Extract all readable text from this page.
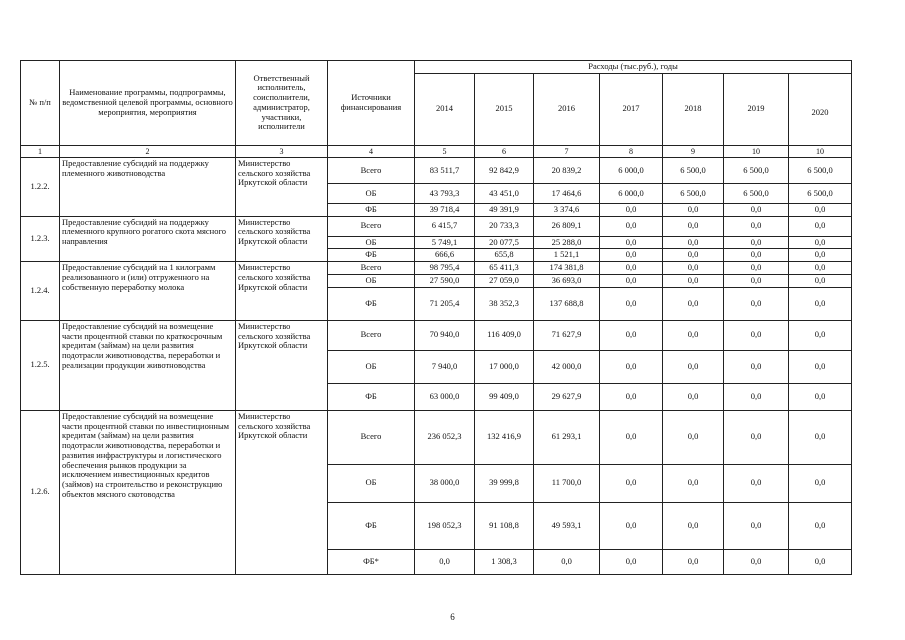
№ п/п	Наименование программы, подпрограммы, ведомственной целевой программы, основного мероприятия, мероприятия	Ответственный исполнитель, соисполнители, администратор, участники, исполнители	Источники финансирования	Расходы (тыс.руб.), годы						
				2014	2015	2016	2017	2018	2019	2020
1	2	3	4	5	6	7	8	9	10	10
1.2.2.	Предоставление субсидий на поддержку племенного животноводства	Министерство сельского хозяйства Иркутской области	Всего	83 511,7	92 842,9	20 839,2	6 000,0	6 500,0	6 500,0	6 500,0
			ОБ	43 793,3	43 451,0	17 464,6	6 000,0	6 500,0	6 500,0	6 500,0
			ФБ	39 718,4	49 391,9	3 374,6	0,0	0,0	0,0	0,0
1.2.3.	Предоставление субсидий на поддержку племенного крупного рогатого скота мясного направления	Министерство сельского хозяйства Иркутской области	Всего	6 415,7	20 733,3	26 809,1	0,0	0,0	0,0	0,0
			ОБ	5 749,1	20 077,5	25 288,0	0,0	0,0	0,0	0,0
			ФБ	666,6	655,8	1 521,1	0,0	0,0	0,0	0,0
1.2.4.	Предоставление субсидий на 1 килограмм реализованного и (или) отгруженного на собственную переработку молока	Министерство сельского хозяйства Иркутской области	Всего	98 795,4	65 411,3	174 381,8	0,0	0,0	0,0	0,0
			ОБ	27 590,0	27 059,0	36 693,0	0,0	0,0	0,0	0,0
			ФБ	71 205,4	38 352,3	137 688,8	0,0	0,0	0,0	0,0
1.2.5.	Предоставление субсидий на возмещение части процентной ставки по краткосрочным кредитам (займам) на цели развития подотрасли животноводства, переработки и реализации продукции животноводства	Министерство сельского хозяйства Иркутской области	Всего	70 940,0	116 409,0	71 627,9	0,0	0,0	0,0	0,0
			ОБ	7 940,0	17 000,0	42 000,0	0,0	0,0	0,0	0,0
			ФБ	63 000,0	99 409,0	29 627,9	0,0	0,0	0,0	0,0
1.2.6.	Предоставление субсидий на возмещение части процентной ставки по инвестиционным кредитам (займам) на цели развития подотрасли животноводства, переработки и развития инфраструктуры и логистического обеспечения рынков продукции за исключением инвестиционных кредитов (займов) на строительство и реконструкцию объектов мясного скотоводства	Министерство сельского хозяйства Иркутской области	Всего	236 052,3	132 416,9	61 293,1	0,0	0,0	0,0	0,0
			ОБ	38 000,0	39 999,8	11 700,0	0,0	0,0	0,0	0,0
			ФБ	198 052,3	91 108,8	49 593,1	0,0	0,0	0,0	0,0
			ФБ*	0,0	1 308,3	0,0	0,0	0,0	0,0	0,0
6
